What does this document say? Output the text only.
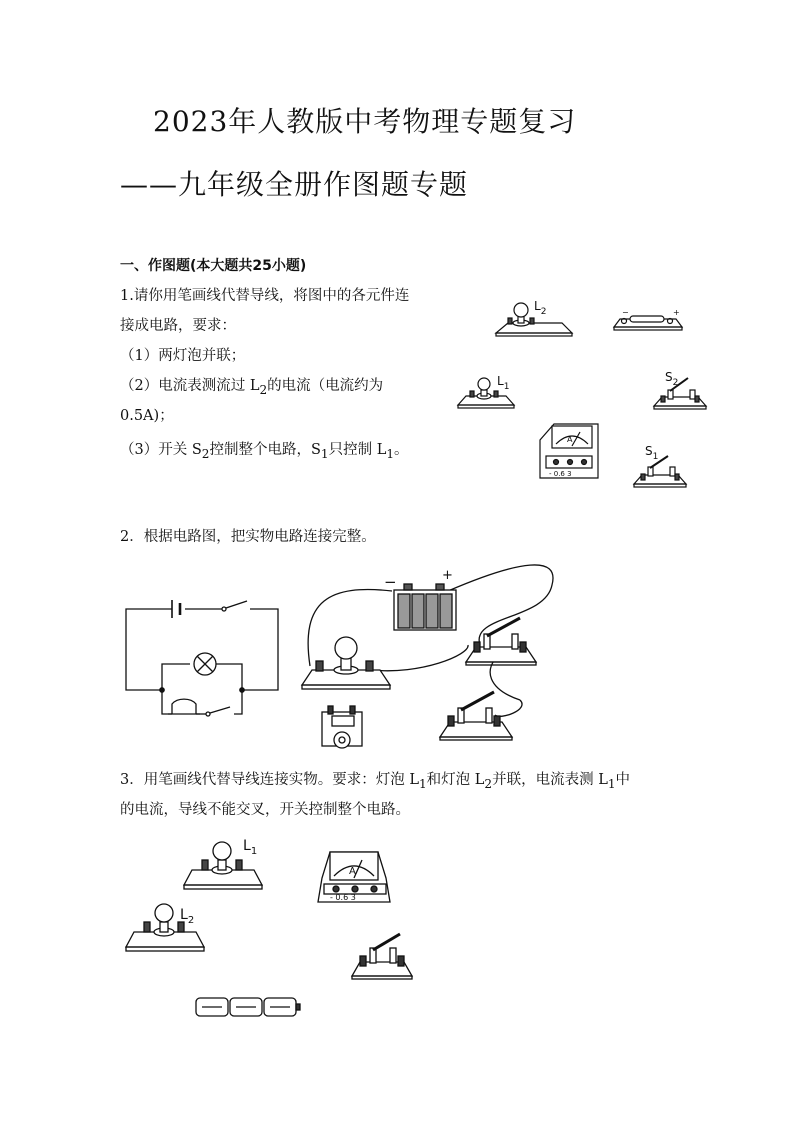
2023年人教版中考物理专题复习
——九年级全册作图题专题
一、作图题(本大题共25小题)
1.请你用笔画线代替导线，将图中的各元件连
接成电路，要求：
（1）两灯泡并联；
（2）电流表测流过 $L_2$的电流（电流约为
0.5A)；
（3）开关 $S_2$控制整个电路，$S_1$只控制 $L_1$。
$L_2$	−	+
$L_1$
$S_2$
A
- 0.6 3
$S_1$
2．根据电路图，把实物电路连接完整。
−	+
3．用笔画线代替导线连接实物。要求：灯泡 $L_1$和灯泡 $L_2$并联，电流表测 $L_1$中
的电流，导线不能交叉，开关控制整个电路。
$L_1$
A
- 0.6 3
$L_2$
